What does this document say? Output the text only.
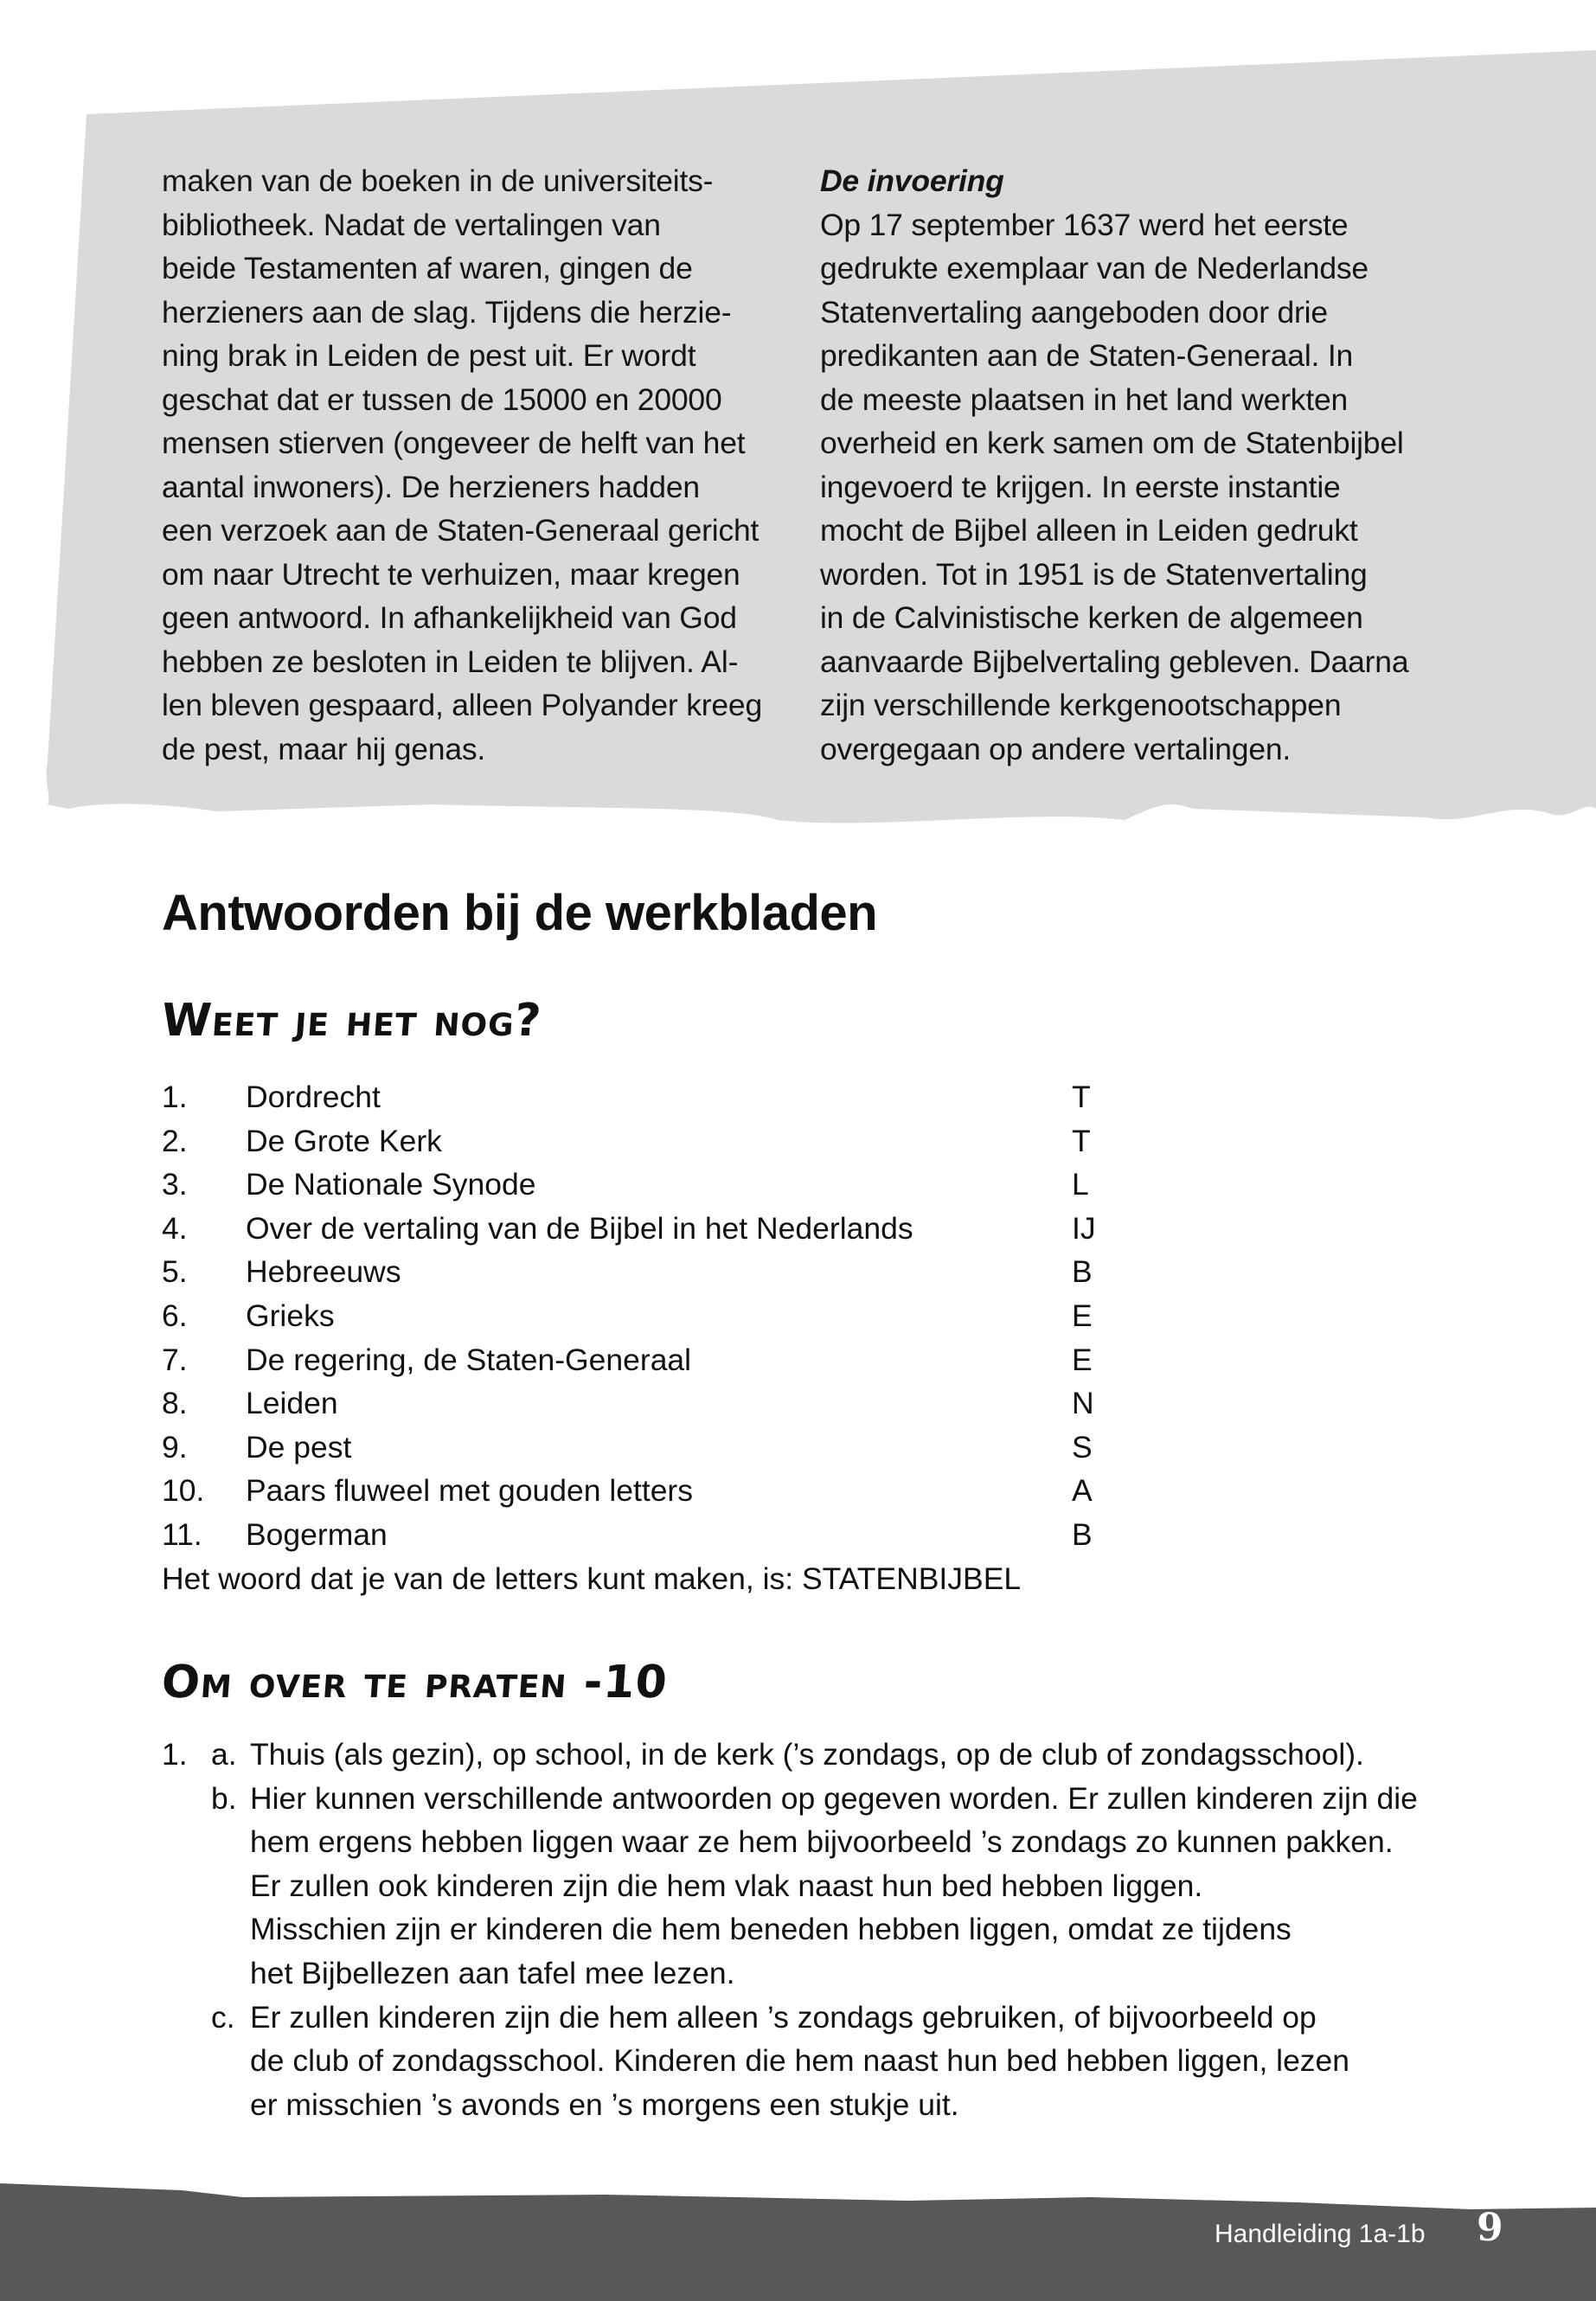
maken van de boeken in de universiteits-

bibliotheek. Nadat de vertalingen van

beide Testamenten af waren, gingen de

herzieners aan de slag. Tijdens die herzie-

ning brak in Leiden de pest uit. Er wordt

geschat dat er tussen de 15000 en 20000

mensen stierven (ongeveer de helft van het

aantal inwoners). De herzieners hadden

een verzoek aan de Staten-Generaal gericht

om naar Utrecht te verhuizen, maar kregen

geen antwoord. In afhankelijkheid van God

hebben ze besloten in Leiden te blijven. Al-

len bleven gespaard, alleen Polyander kreeg

de pest, maar hij genas.

De invoering

Op 17 september 1637 werd het eerste

gedrukte exemplaar van de Nederlandse

Statenvertaling aangeboden door drie

predikanten aan de Staten-Generaal. In

de meeste plaatsen in het land werkten

overheid en kerk samen om de Statenbijbel

ingevoerd te krijgen. In eerste instantie

mocht de Bijbel alleen in Leiden gedrukt

worden. Tot in 1951 is de Statenvertaling

in de Calvinistische kerken de algemeen

aanvaarde Bijbelvertaling gebleven. Daarna

zijn verschillende kerkgenootschappen

overgegaan op andere vertalingen.

Antwoorden bij de werkbladen
Weet je het nog?
1. Dordrecht	T
2. De Grote Kerk	T
3. De Nationale Synode	L
4. Over de vertaling van de Bijbel in het Nederlands	IJ
5. Hebreeuws	B
6. Grieks	E
7. De regering, de Staten-Generaal	E
8. Leiden	N
9. De pest	S
10. Paars fluweel met gouden letters	A
11. Bogerman	B
Het woord dat je van de letters kunt maken, is: STATENBIJBEL
Om over te praten -10
1. a. Thuis (als gezin), op school, in de kerk (’s zondags, op de club of zondagsschool).
b. Hier kunnen verschillende antwoorden op gegeven worden. Er zullen kinderen zijn die
hem ergens hebben liggen waar ze hem bijvoorbeeld ’s zondags zo kunnen pakken.
Er zullen ook kinderen zijn die hem vlak naast hun bed hebben liggen.
Misschien zijn er kinderen die hem beneden hebben liggen, omdat ze tijdens
het Bijbellezen aan tafel mee lezen.
c. Er zullen kinderen zijn die hem alleen ’s zondags gebruiken, of bijvoorbeeld op
de club of zondagsschool. Kinderen die hem naast hun bed hebben liggen, lezen
er misschien ’s avonds en ’s morgens een stukje uit.
Handleiding 1a-1b 9
